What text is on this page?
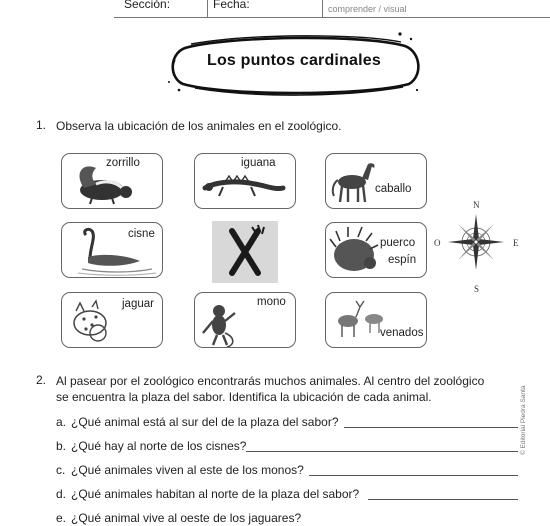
Sección:	Fecha:	comprender / visual
Los puntos cardinales
1. Observa la ubicación de los animales en el zoológico.
zorrillo	iguana
caballo
cisne
puerco
espín
jaguar	mono
venados
N
S
O	E
2. Al pasear por el zoológico encontrarás muchos animales. Al centro del zoológico
se encuentra la plaza del sabor. Identifica la ubicación de cada animal.
a. ¿Qué animal está al sur del de la plaza del sabor?
b. ¿Qué hay al norte de los cisnes?
c. ¿Qué animales viven al este de los monos?
d. ¿Qué animales habitan al norte de la plaza del sabor?
e. ¿Qué animal vive al oeste de los jaguares?
© Editorial Piedra Santa
